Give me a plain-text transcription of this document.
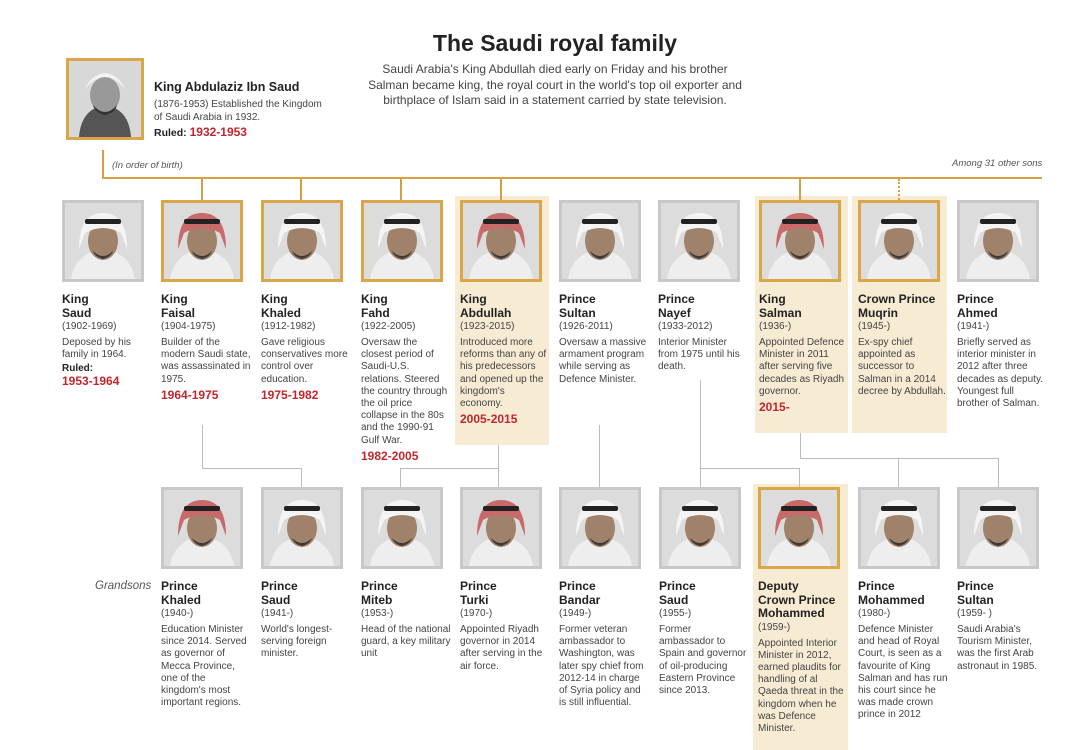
The Saudi royal family
Saudi Arabia's King Abdullah died early on Friday and his brother Salman became king, the royal court in the world's top oil exporter and birthplace of Islam said in a statement carried by state television.
King Abdulaziz Ibn Saud
(1876-1953) Established the Kingdom of Saudi Arabia in 1932.
Ruled: 1932-1953
(In order of birth)	Among 31 other sons
Grandsons
King
Saud
(1902-1969)
Deposed by his family in 1964.
Ruled:
1953-1964
King
Faisal
(1904-1975)
Builder of the modern Saudi state, was assassinated in 1975.
1964-1975
King
Khaled
(1912-1982)
Gave religious conservatives more control over education.
1975-1982
King
Fahd
(1922-2005)
Oversaw the closest period of Saudi-U.S. relations. Steered the country through the oil price collapse in the 80s and the 1990-91 Gulf War.
1982-2005
King
Abdullah
(1923-2015)
Introduced more reforms than any of his predecessors and opened up the kingdom's economy.
2005-2015
Prince
Sultan
(1926-2011)
Oversaw a massive armament program while serving as Defence Minister.
Prince
Nayef
(1933-2012)
Interior Minister from 1975 until his death.
King
Salman
(1936-)
Appointed Defence Minister in 2011 after serving five decades as Riyadh governor.
2015-
Crown Prince
Muqrin
(1945-)
Ex-spy chief appointed as successor to Salman in a 2014 decree by Abdullah.
Prince
Ahmed
(1941-)
Briefly served as interior minister in 2012 after three decades as deputy. Youngest full brother of Salman.
Prince
Khaled
(1940-)
Education Minister since 2014. Served as governor of Mecca Province, one of the kingdom's most important regions.
Prince
Saud
(1941-)
World's longest-serving foreign minister.
Prince
Miteb
(1953-)
Head of the national guard, a key military unit
Prince
Turki
(1970-)
Appointed Riyadh governor in 2014 after serving in the air force.
Prince
Bandar
(1949-)
Former veteran ambassador to Washington, was later spy chief from 2012-14 in charge of Syria policy and is still influential.
Prince
Saud
(1955-)
Former ambassador to Spain and governor of oil-producing Eastern Province since 2013.
Deputy
Crown Prince
Mohammed
(1959-)
Appointed Interior Minister in 2012, earned plaudits for handling of al Qaeda threat in the kingdom when he was Defence Minister.
Prince
Mohammed
(1980-)
Defence Minister and head of Royal Court, is seen as a favourite of King Salman and has run his court since he was made crown prince in 2012
Prince
Sultan
(1959- )
Saudi Arabia's Tourism Minister, was the first Arab astronaut in 1985.
